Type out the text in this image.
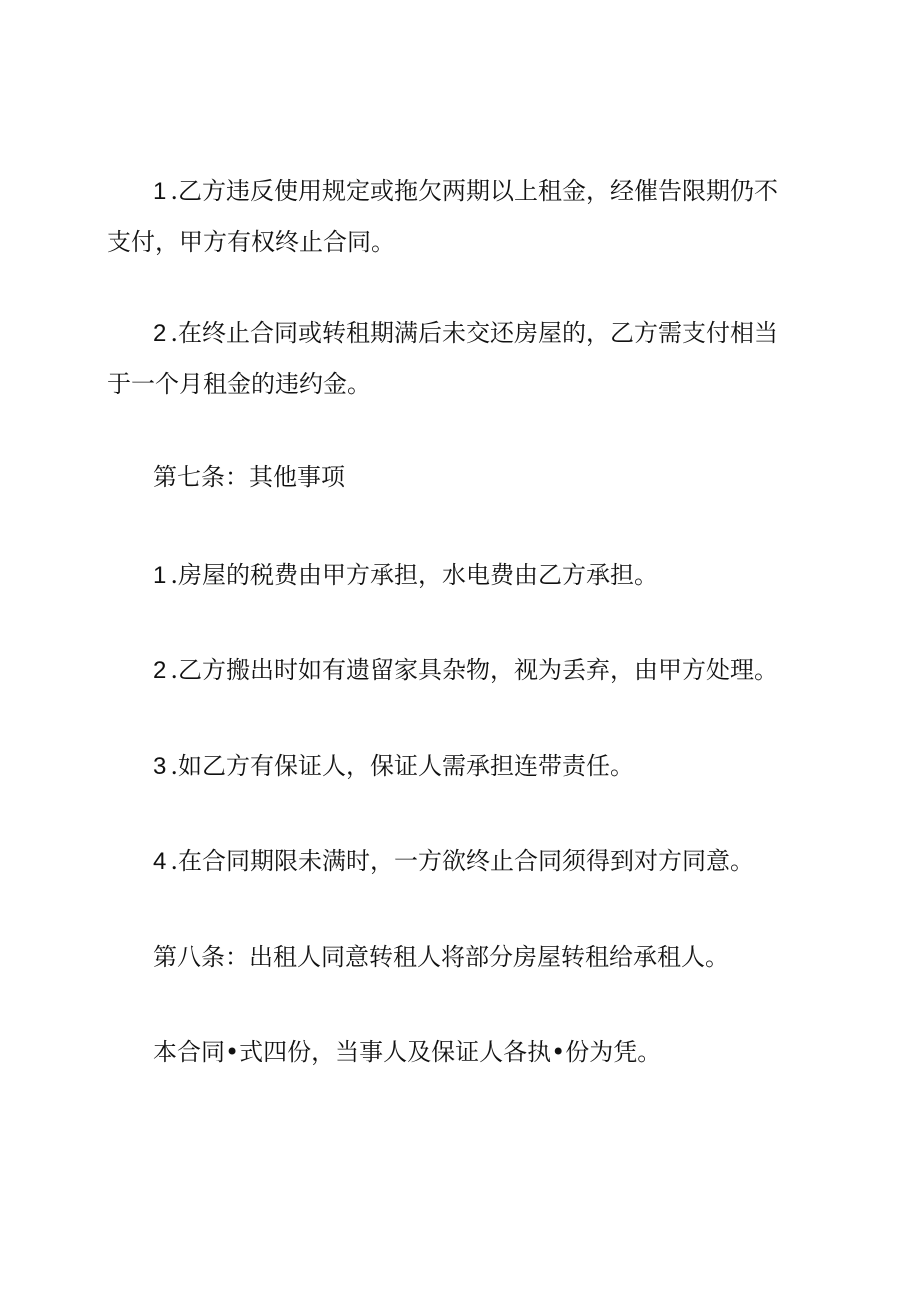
1 .乙方违反使用规定或拖欠两期以上租金，经催告限期仍不支付，甲方有权终止合同。

2 .在终止合同或转租期满后未交还房屋的，乙方需支付相当于一个月租金的违约金。

第七条：其他事项

1 .房屋的税费由甲方承担，水电费由乙方承担。

2 .乙方搬出时如有遗留家具杂物，视为丢弃，由甲方处理。

3 .如乙方有保证人，保证人需承担连带责任。

4 .在合同期限未满时，一方欲终止合同须得到对方同意。

第八条：出租人同意转租人将部分房屋转租给承租人。

本合同•式四份，当事人及保证人各执•份为凭。
